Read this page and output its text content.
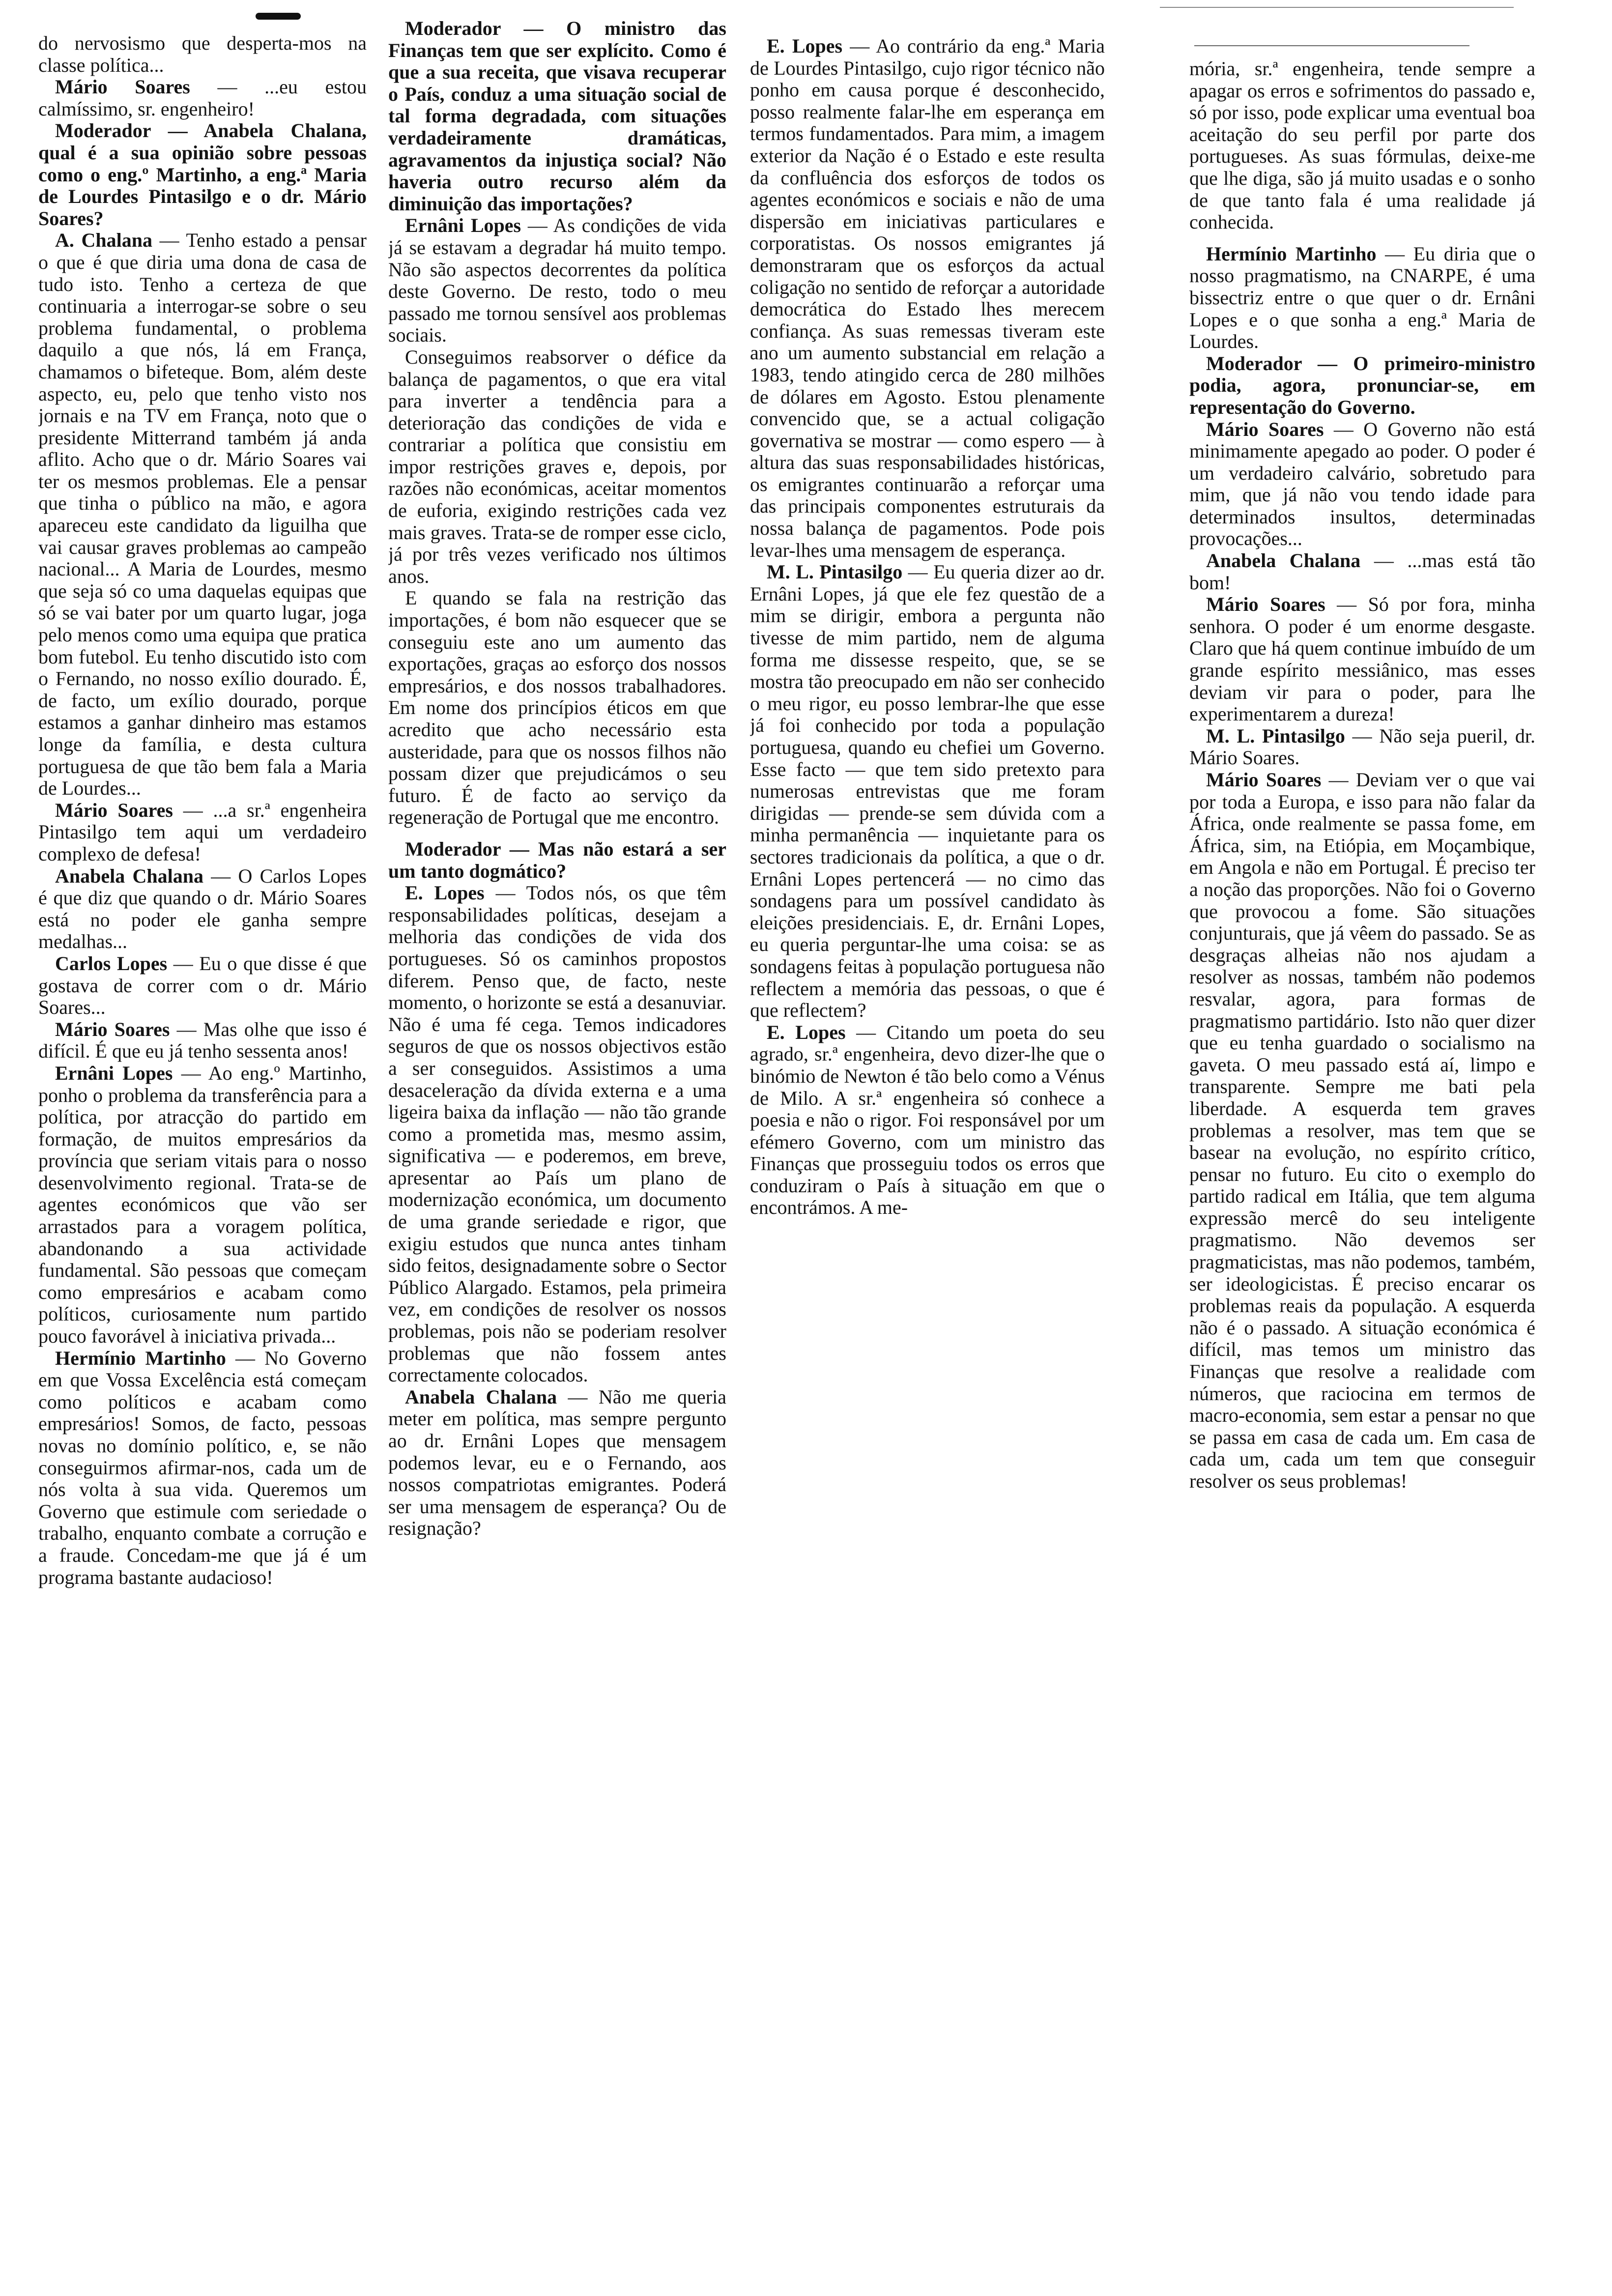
do nervosismo que desperta-mos na classe política...

Mário Soares — ...eu estou calmíssimo, sr. engenheiro!

Moderador — Anabela Chalana, qual é a sua opinião sobre pessoas como o eng.º Martinho, a eng.ª Maria de Lourdes Pintasilgo e o dr. Mário Soares?

A. Chalana — Tenho estado a pensar o que é que diria uma dona de casa de tudo isto. Tenho a certeza de que continuaria a interrogar-se sobre o seu problema fundamental, o problema daquilo a que nós, lá em França, chamamos o bifeteque. Bom, além deste aspecto, eu, pelo que tenho visto nos jornais e na TV em França, noto que o presidente Mitterrand também já anda aflito. Acho que o dr. Mário Soares vai ter os mesmos problemas. Ele a pensar que tinha o público na mão, e agora apareceu este candidato da liguilha que vai causar graves problemas ao campeão nacional... A Maria de Lourdes, mesmo que seja só co uma daquelas equipas que só se vai bater por um quarto lugar, joga pelo menos como uma equipa que pratica bom futebol. Eu tenho discutido isto com o Fernando, no nosso exílio dourado. É, de facto, um exílio dourado, porque estamos a ganhar dinheiro mas estamos longe da família, e desta cultura portuguesa de que tão bem fala a Maria de Lourdes...

Mário Soares — ...a sr.ª engenheira Pintasilgo tem aqui um verdadeiro complexo de defesa!

Anabela Chalana — O Carlos Lopes é que diz que quando o dr. Mário Soares está no poder ele ganha sempre medalhas...

Carlos Lopes — Eu o que disse é que gostava de correr com o dr. Mário Soares...

Mário Soares — Mas olhe que isso é difícil. É que eu já tenho sessenta anos!

Ernâni Lopes — Ao eng.º Martinho, ponho o problema da transferência para a política, por atracção do partido em formação, de muitos empresários da província que seriam vitais para o nosso desenvolvimento regional. Trata-se de agentes económicos que vão ser arrastados para a voragem política, abandonando a sua actividade fundamental. São pessoas que começam como empresários e acabam como políticos, curiosamente num partido pouco favorável à iniciativa privada...

Hermínio Martinho — No Governo em que Vossa Excelência está começam como políticos e acabam como empresários! Somos, de facto, pessoas novas no domínio político, e, se não conseguirmos afirmar-nos, cada um de nós volta à sua vida. Queremos um Governo que estimule com seriedade o trabalho, enquanto combate a corrução e a fraude. Concedam-me que já é um programa bastante audacioso!

Moderador — O ministro das Finanças tem que ser explícito. Como é que a sua receita, que visava recuperar o País, conduz a uma situação social de tal forma degradada, com situações verdadeiramente dramáticas, agravamentos da injustiça social? Não haveria outro recurso além da diminuição das importações?

Ernâni Lopes — As condições de vida já se estavam a degradar há muito tempo. Não são aspectos decorrentes da política deste Governo. De resto, todo o meu passado me tornou sensível aos problemas sociais.

Conseguimos reabsorver o défice da balança de pagamentos, o que era vital para inverter a tendência para a deterioração das condições de vida e contrariar a política que consistiu em impor restrições graves e, depois, por razões não económicas, aceitar momentos de euforia, exigindo restrições cada vez mais graves. Trata-se de romper esse ciclo, já por três vezes verificado nos últimos anos.

E quando se fala na restrição das importações, é bom não esquecer que se conseguiu este ano um aumento das exportações, graças ao esforço dos nossos empresários, e dos nossos trabalhadores. Em nome dos princípios éticos em que acredito que acho necessário esta austeridade, para que os nossos filhos não possam dizer que prejudicámos o seu futuro. É de facto ao serviço da regeneração de Portugal que me encontro.

Moderador — Mas não estará a ser um tanto dogmático?

E. Lopes — Todos nós, os que têm responsabilidades políticas, desejam a melhoria das condições de vida dos portugueses. Só os caminhos propostos diferem. Penso que, de facto, neste momento, o horizonte se está a desanuviar. Não é uma fé cega. Temos indicadores seguros de que os nossos objectivos estão a ser conseguidos. Assistimos a uma desaceleração da dívida externa e a uma ligeira baixa da inflação — não tão grande como a prometida mas, mesmo assim, significativa — e poderemos, em breve, apresentar ao País um plano de modernização económica, um documento de uma grande seriedade e rigor, que exigiu estudos que nunca antes tinham sido feitos, designadamente sobre o Sector Público Alargado. Estamos, pela primeira vez, em condições de resolver os nossos problemas, pois não se poderiam resolver problemas que não fossem antes correctamente colocados.

Anabela Chalana — Não me queria meter em política, mas sempre pergunto ao dr. Ernâni Lopes que mensagem podemos levar, eu e o Fernando, aos nossos compatriotas emigrantes. Poderá ser uma mensagem de esperança? Ou de resignação?

E. Lopes — Ao contrário da eng.ª Maria de Lourdes Pintasilgo, cujo rigor técnico não ponho em causa porque é desconhecido, posso realmente falar-lhe em esperança em termos fundamentados. Para mim, a imagem exterior da Nação é o Estado e este resulta da confluência dos esforços de todos os agentes económicos e sociais e não de uma dispersão em iniciativas particulares e corporatistas. Os nossos emigrantes já demonstraram que os esforços da actual coligação no sentido de reforçar a autoridade democrática do Estado lhes merecem confiança. As suas remessas tiveram este ano um aumento substancial em relação a 1983, tendo atingido cerca de 280 milhões de dólares em Agosto. Estou plenamente convencido que, se a actual coligação governativa se mostrar — como espero — à altura das suas responsabilidades históricas, os emigrantes continuarão a reforçar uma das principais componentes estruturais da nossa balança de pagamentos. Pode pois levar-lhes uma mensagem de esperança.

M. L. Pintasilgo — Eu queria dizer ao dr. Ernâni Lopes, já que ele fez questão de a mim se dirigir, embora a pergunta não tivesse de mim partido, nem de alguma forma me dissesse respeito, que, se se mostra tão preocupado em não ser conhecido o meu rigor, eu posso lembrar-lhe que esse já foi conhecido por toda a população portuguesa, quando eu chefiei um Governo. Esse facto — que tem sido pretexto para numerosas entrevistas que me foram dirigidas — prende-se sem dúvida com a minha permanência — inquietante para os sectores tradicionais da política, a que o dr. Ernâni Lopes pertencerá — no cimo das sondagens para um possível candidato às eleições presidenciais. E, dr. Ernâni Lopes, eu queria perguntar-lhe uma coisa: se as sondagens feitas à população portuguesa não reflectem a memória das pessoas, o que é que reflectem?

E. Lopes — Citando um poeta do seu agrado, sr.ª engenheira, devo dizer-lhe que o binómio de Newton é tão belo como a Vénus de Milo. A sr.ª engenheira só conhece a poesia e não o rigor. Foi responsável por um efémero Governo, com um ministro das Finanças que prosseguiu todos os erros que conduziram o País à situação em que o encontrámos. A me-

mória, sr.ª engenheira, tende sempre a apagar os erros e sofrimentos do passado e, só por isso, pode explicar uma eventual boa aceitação do seu perfil por parte dos portugueses. As suas fórmulas, deixe-me que lhe diga, são já muito usadas e o sonho de que tanto fala é uma realidade já conhecida.

Hermínio Martinho — Eu diria que o nosso pragmatismo, na CNARPE, é uma bissectriz entre o que quer o dr. Ernâni Lopes e o que sonha a eng.ª Maria de Lourdes.

Moderador — O primeiro-ministro podia, agora, pronunciar-se, em representação do Governo.

Mário Soares — O Governo não está minimamente apegado ao poder. O poder é um verdadeiro calvário, sobretudo para mim, que já não vou tendo idade para determinados insultos, determinadas provocações...

Anabela Chalana — ...mas está tão bom!

Mário Soares — Só por fora, minha senhora. O poder é um enorme desgaste. Claro que há quem continue imbuído de um grande espírito messiânico, mas esses deviam vir para o poder, para lhe experimentarem a dureza!

M. L. Pintasilgo — Não seja pueril, dr. Mário Soares.

Mário Soares — Deviam ver o que vai por toda a Europa, e isso para não falar da África, onde realmente se passa fome, em África, sim, na Etiópia, em Moçambique, em Angola e não em Portugal. É preciso ter a noção das proporções. Não foi o Governo que provocou a fome. São situações conjunturais, que já vêem do passado. Se as desgraças alheias não nos ajudam a resolver as nossas, também não podemos resvalar, agora, para formas de pragmatismo partidário. Isto não quer dizer que eu tenha guardado o socialismo na gaveta. O meu passado está aí, limpo e transparente. Sempre me bati pela liberdade. A esquerda tem graves problemas a resolver, mas tem que se basear na evolução, no espírito crítico, pensar no futuro. Eu cito o exemplo do partido radical em Itália, que tem alguma expressão mercê do seu inteligente pragmatismo. Não devemos ser pragmaticistas, mas não podemos, também, ser ideologicistas. É preciso encarar os problemas reais da população. A esquerda não é o passado. A situação económica é difícil, mas temos um ministro das Finanças que resolve a realidade com números, que raciocina em termos de macro-economia, sem estar a pensar no que se passa em casa de cada um. Em casa de cada um, cada um tem que conseguir resolver os seus problemas!
